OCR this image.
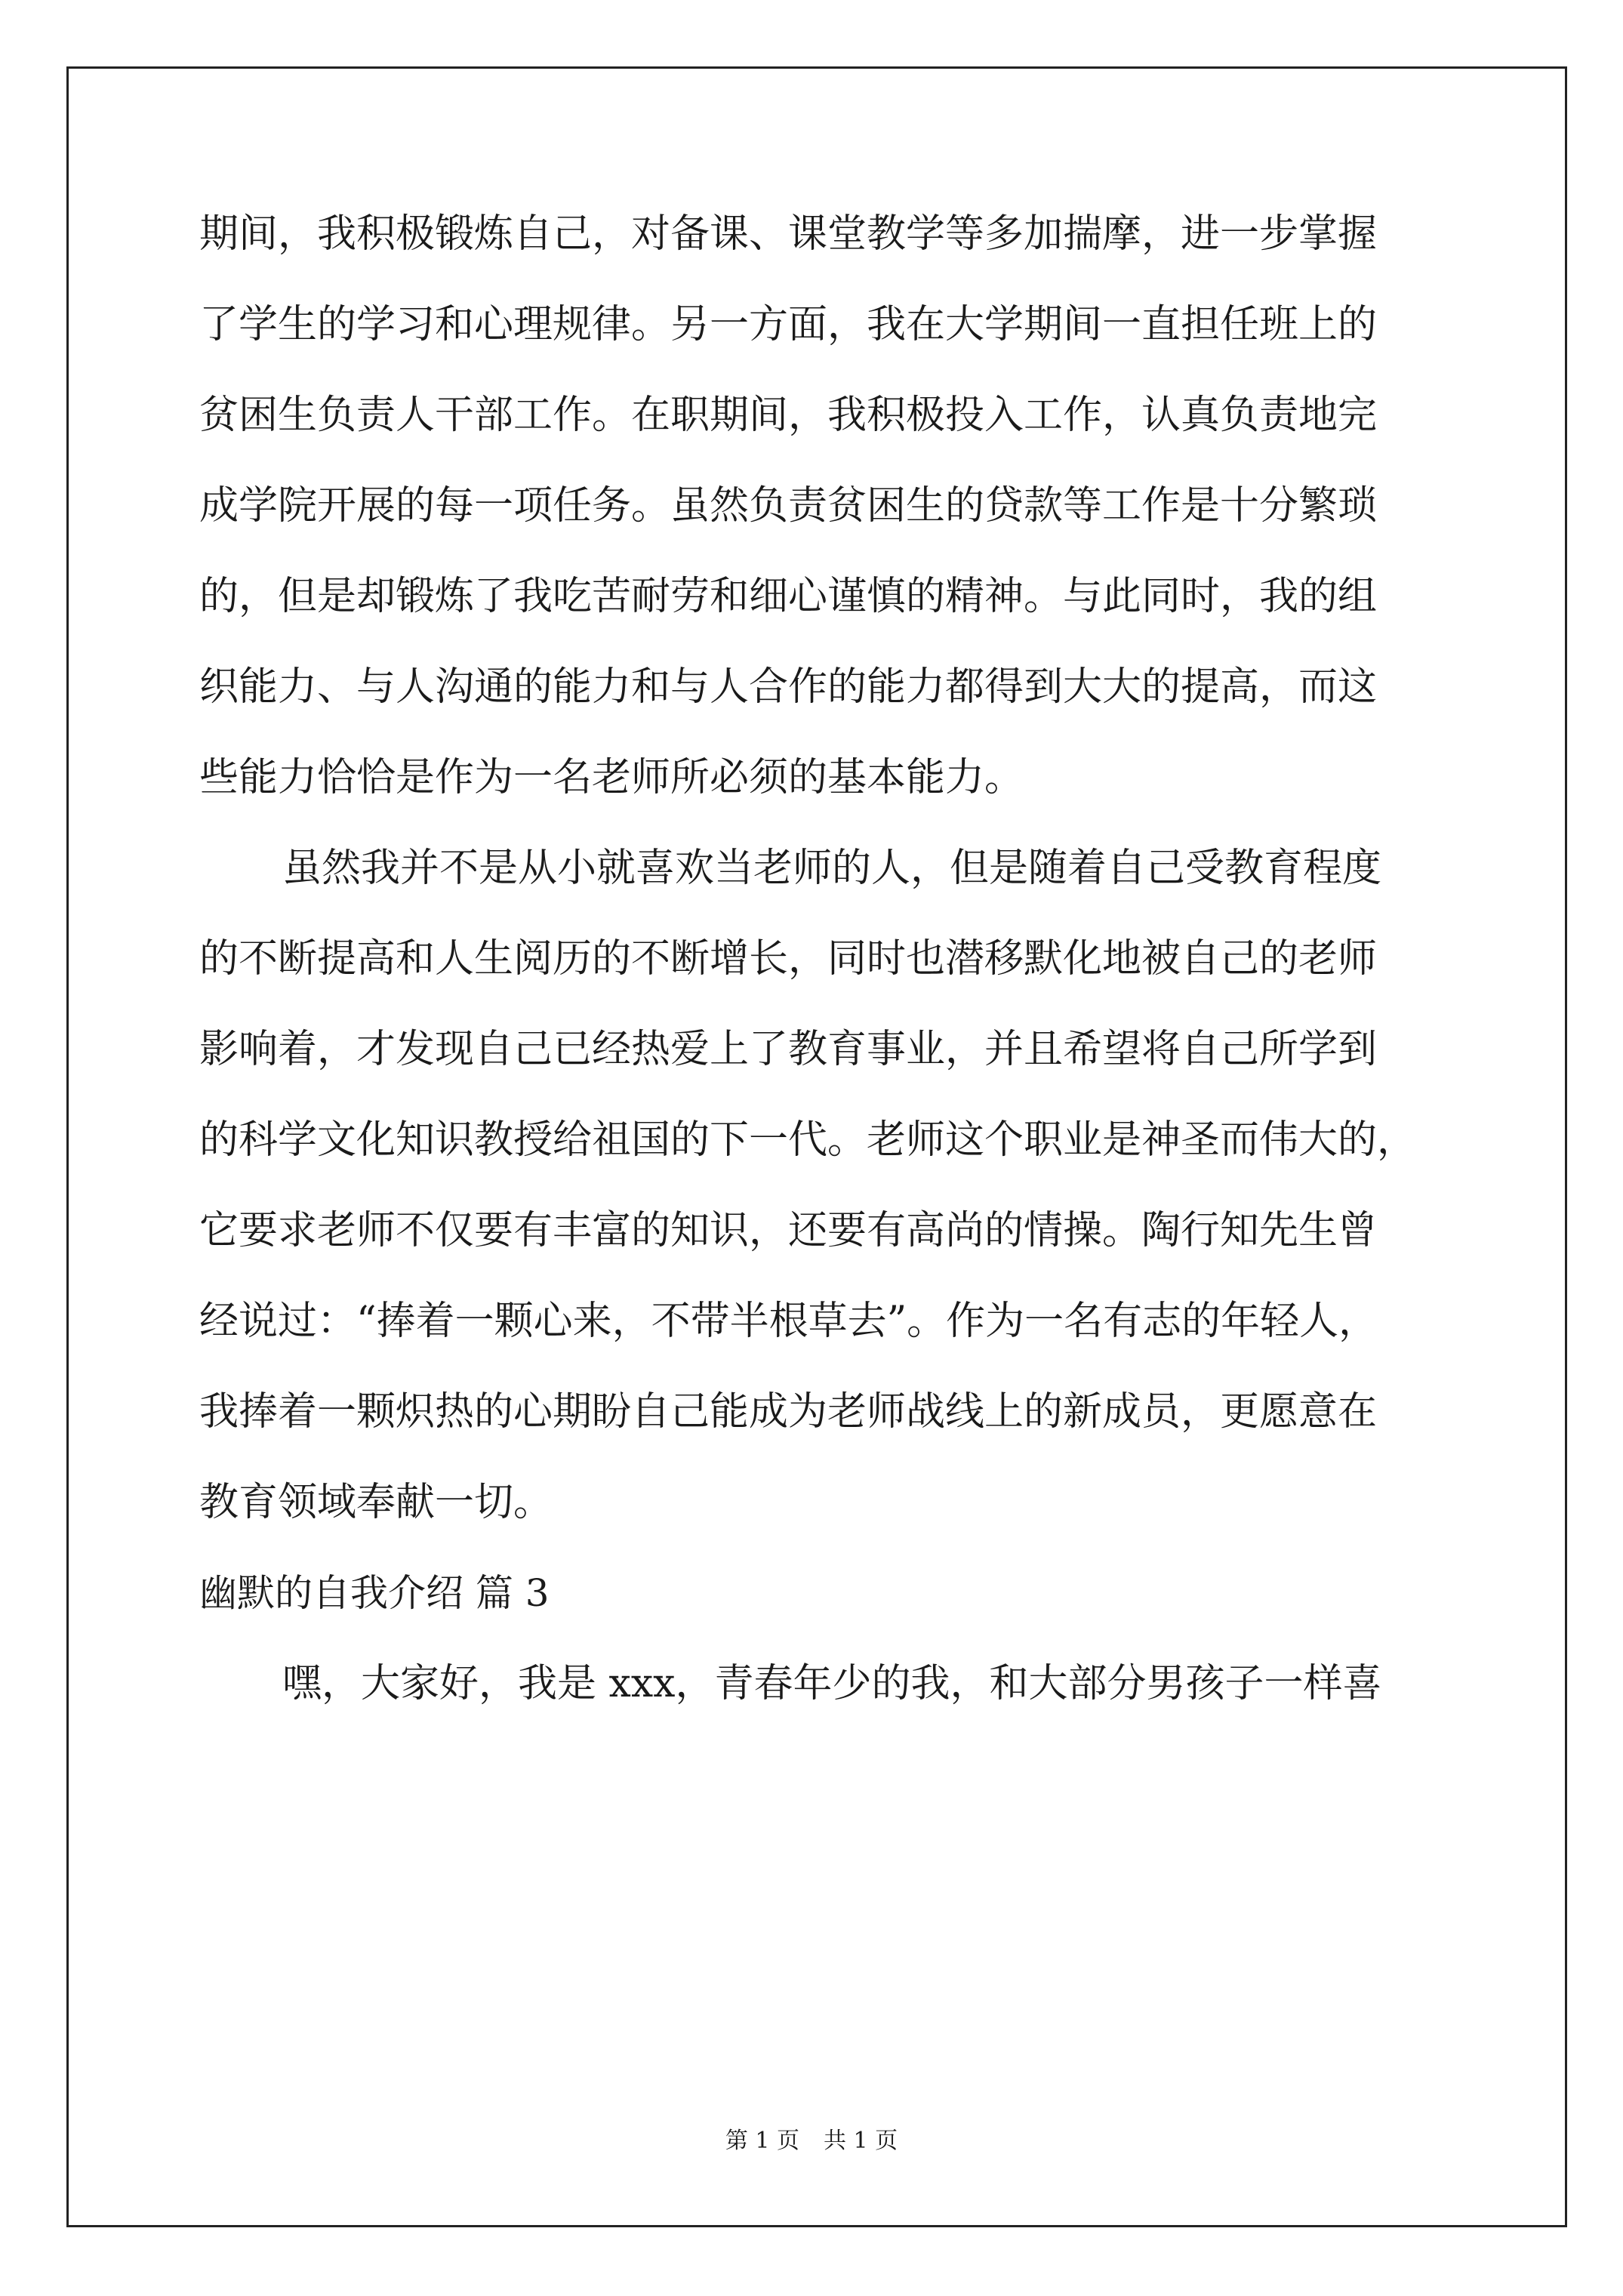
期间，我积极锻炼自己，对备课、课堂教学等多加揣摩，进一步掌握
了学生的学习和心理规律。另一方面，我在大学期间一直担任班上的
贫困生负责人干部工作。在职期间，我积极投入工作，认真负责地完
成学院开展的每一项任务。虽然负责贫困生的贷款等工作是十分繁琐
的，但是却锻炼了我吃苦耐劳和细心谨慎的精神。与此同时，我的组
织能力、与人沟通的能力和与人合作的能力都得到大大的提高，而这
些能力恰恰是作为一名老师所必须的基本能力。
虽然我并不是从小就喜欢当老师的人，但是随着自己受教育程度
的不断提高和人生阅历的不断增长，同时也潜移默化地被自己的老师
影响着，才发现自己已经热爱上了教育事业，并且希望将自己所学到
的科学文化知识教授给祖国的下一代。老师这个职业是神圣而伟大的，
它要求老师不仅要有丰富的知识，还要有高尚的情操。陶行知先生曾
经说过：“捧着一颗心来，不带半根草去”。作为一名有志的年轻人，
我捧着一颗炽热的心期盼自己能成为老师战线上的新成员，更愿意在
教育领域奉献一切。
幽默的自我介绍 篇 3
嘿，大家好，我是 xxx，青春年少的我，和大部分男孩子一样喜
第 1 页 共 1 页
